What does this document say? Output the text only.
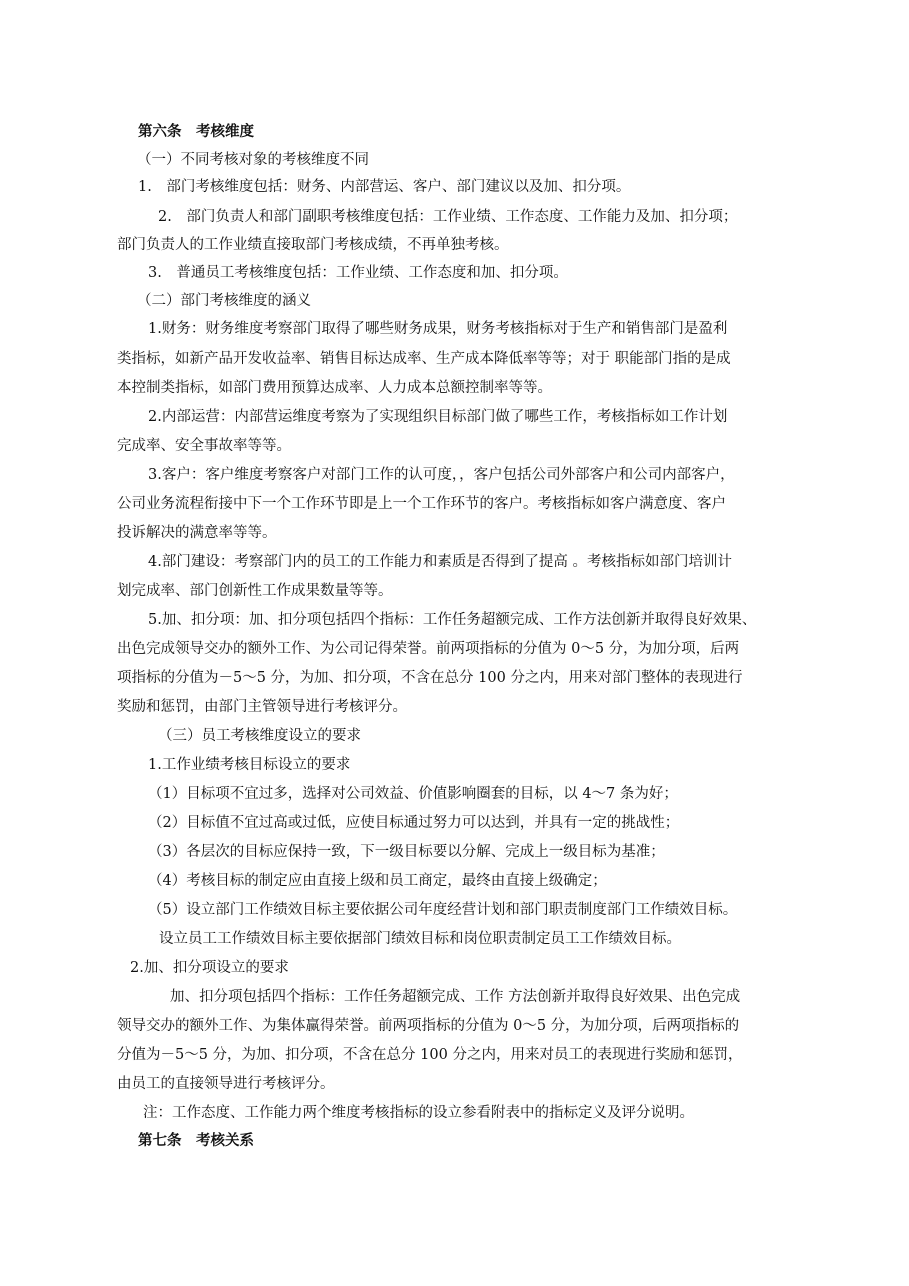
第六条　考核维度
（一）不同考核对象的考核维度不同
1.　部门考核维度包括：财务、内部营运、客户、部门建议以及加、扣分项。
2.　部门负责人和部门副职考核维度包括：工作业绩、工作态度、工作能力及加、扣分项；
部门负责人的工作业绩直接取部门考核成绩，不再单独考核。
3.　普通员工考核维度包括：工作业绩、工作态度和加、扣分项。
（二）部门考核维度的涵义
1.财务：财务维度考察部门取得了哪些财务成果，财务考核指标对于生产和销售部门是盈利
类指标，如新产品开发收益率、销售目标达成率、生产成本降低率等等；对于 职能部门指的是成
本控制类指标，如部门费用预算达成率、人力成本总额控制率等等。
2.内部运营：内部营运维度考察为了实现组织目标部门做了哪些工作，考核指标如工作计划
完成率、安全事故率等等。
3.客户：客户维度考察客户对部门工作的认可度，，客户包括公司外部客户和公司内部客户，
公司业务流程衔接中下一个工作环节即是上一个工作环节的客户。考核指标如客户满意度、客户
投诉解决的满意率等等。
4.部门建设：考察部门内的员工的工作能力和素质是否得到了提高 。考核指标如部门培训计
划完成率、部门创新性工作成果数量等等。
5.加、扣分项：加、扣分项包括四个指标：工作任务超额完成、工作方法创新并取得良好效果、
出色完成领导交办的额外工作、为公司记得荣誉。前两项指标的分值为 0～5 分，为加分项，后两
项指标的分值为－5～5 分，为加、扣分项，不含在总分 100 分之内，用来对部门整体的表现进行
奖励和惩罚，由部门主管领导进行考核评分。
（三）员工考核维度设立的要求
1.工作业绩考核目标设立的要求
（1）目标项不宜过多，选择对公司效益、价值影响圈套的目标，以 4～7 条为好；
（2）目标值不宜过高或过低，应使目标通过努力可以达到，并具有一定的挑战性；
（3）各层次的目标应保持一致，下一级目标要以分解、完成上一级目标为基准；
（4）考核目标的制定应由直接上级和员工商定，最终由直接上级确定；
（5）设立部门工作绩效目标主要依据公司年度经营计划和部门职责制度部门工作绩效目标。
设立员工工作绩效目标主要依据部门绩效目标和岗位职责制定员工工作绩效目标。
2.加、扣分项设立的要求
加、扣分项包括四个指标：工作任务超额完成、工作 方法创新并取得良好效果、出色完成
领导交办的额外工作、为集体赢得荣誉。前两项指标的分值为 0～5 分，为加分项，后两项指标的
分值为－5～5 分，为加、扣分项，不含在总分 100 分之内，用来对员工的表现进行奖励和惩罚，
由员工的直接领导进行考核评分。
注：工作态度、工作能力两个维度考核指标的设立参看附表中的指标定义及评分说明。
第七条　考核关系
